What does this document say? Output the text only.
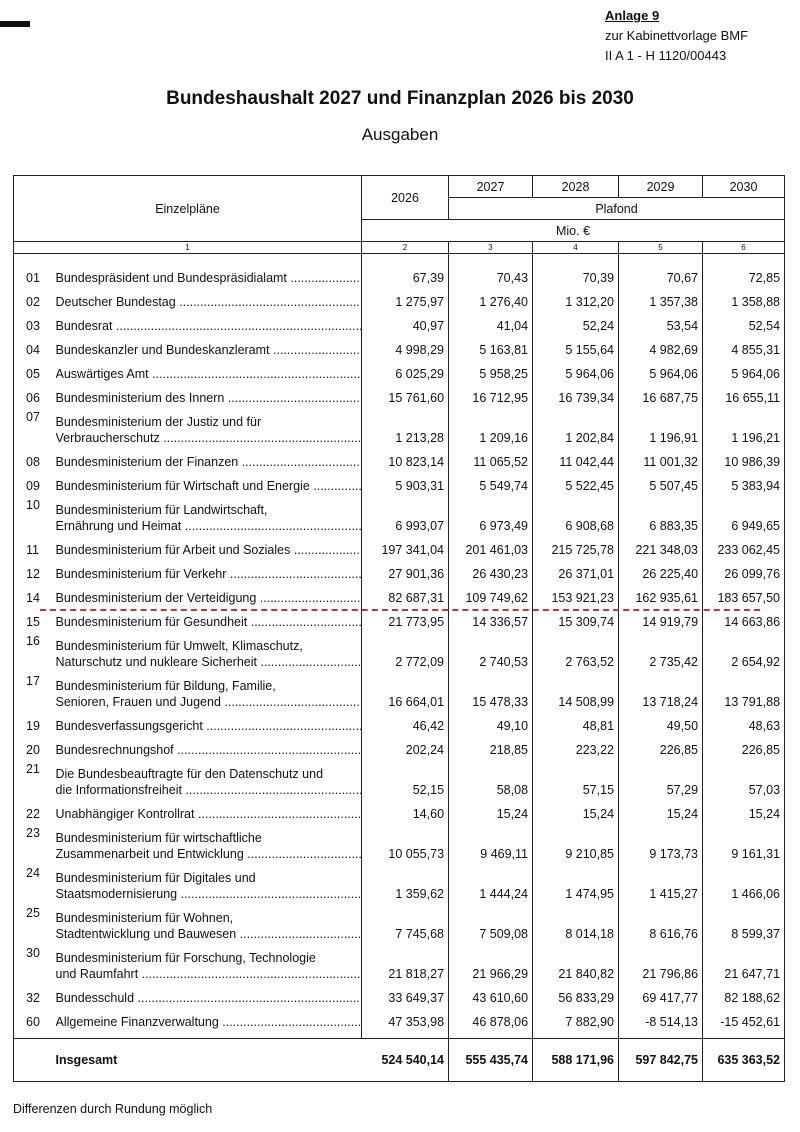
Anlage 9
zur Kabinettvorlage BMF
II A 1 - H 1120/00443
Bundeshaushalt 2027 und Finanzplan 2026 bis 2030
Ausgaben
Einzelpläne		2026	2027	2028	2029	2030
			Plafond			
		Mio. €				
1		2	3	4	5	6

01	Bundespräsident und Bundespräsidialamt .....	67,39	70,43	70,39	70,67	72,85
02	Deutscher Bundestag .....	1 275,97	1 276,40	1 312,20	1 357,38	1 358,88
03	Bundesrat .....	40,97	41,04	52,24	53,54	52,54
04	Bundeskanzler und Bundeskanzleramt .....	4 998,29	5 163,81	5 155,64	4 982,69	4 855,31
05	Auswärtiges Amt .....	6 025,29	5 958,25	5 964,06	5 964,06	5 964,06
06	Bundesministerium des Innern .....	15 761,60	16 712,95	16 739,34	16 687,75	16 655,11
07	Bundesministerium der Justiz und für
Verbraucherschutz .....	1 213,28	1 209,16	1 202,84	1 196,91	1 196,21
08	Bundesministerium der Finanzen .....	10 823,14	11 065,52	11 042,44	11 001,32	10 986,39
09	Bundesministerium für Wirtschaft und Energie .....	5 903,31	5 549,74	5 522,45	5 507,45	5 383,94
10	Bundesministerium für Landwirtschaft,
Ernährung und Heimat .....	6 993,07	6 973,49	6 908,68	6 883,35	6 949,65
11	Bundesministerium für Arbeit und Soziales .....	197 341,04	201 461,03	215 725,78	221 348,03	233 062,45
12	Bundesministerium für Verkehr .....	27 901,36	26 430,23	26 371,01	26 225,40	26 099,76
14	Bundesministerium der Verteidigung .....	82 687,31	109 749,62	153 921,23	162 935,61	183 657,50
15	Bundesministerium für Gesundheit .....	21 773,95	14 336,57	15 309,74	14 919,79	14 663,86
16	Bundesministerium für Umwelt, Klimaschutz,
Naturschutz und nukleare Sicherheit .....	2 772,09	2 740,53	2 763,52	2 735,42	2 654,92
17	Bundesministerium für Bildung, Familie,
Senioren, Frauen und Jugend .....	16 664,01	15 478,33	14 508,99	13 718,24	13 791,88
19	Bundesverfassungsgericht .....	46,42	49,10	48,81	49,50	48,63
20	Bundesrechnungshof .....	202,24	218,85	223,22	226,85	226,85
21	Die Bundesbeauftragte für den Datenschutz und
die Informationsfreiheit .....	52,15	58,08	57,15	57,29	57,03
22	Unabhängiger Kontrollrat .....	14,60	15,24	15,24	15,24	15,24
23	Bundesministerium für wirtschaftliche
Zusammenarbeit und Entwicklung .....	10 055,73	9 469,11	9 210,85	9 173,73	9 161,31
24	Bundesministerium für Digitales und
Staatsmodernisierung .....	1 359,62	1 444,24	1 474,95	1 415,27	1 466,06
25	Bundesministerium für Wohnen,
Stadtentwicklung und Bauwesen .....	7 745,68	7 509,08	8 014,18	8 616,76	8 599,37
30	Bundesministerium für Forschung, Technologie
und Raumfahrt .....	21 818,27	21 966,29	21 840,82	21 796,86	21 647,71
32	Bundesschuld .....	33 649,37	43 610,60	56 833,29	69 417,77	82 188,62
60	Allgemeine Finanzverwaltung .....	47 353,98	46 878,06	7 882,90	-8 514,13	-15 452,61

	Insgesamt	524 540,14	555 435,74	588 171,96	597 842,75	635 363,52
Differenzen durch Rundung möglich
